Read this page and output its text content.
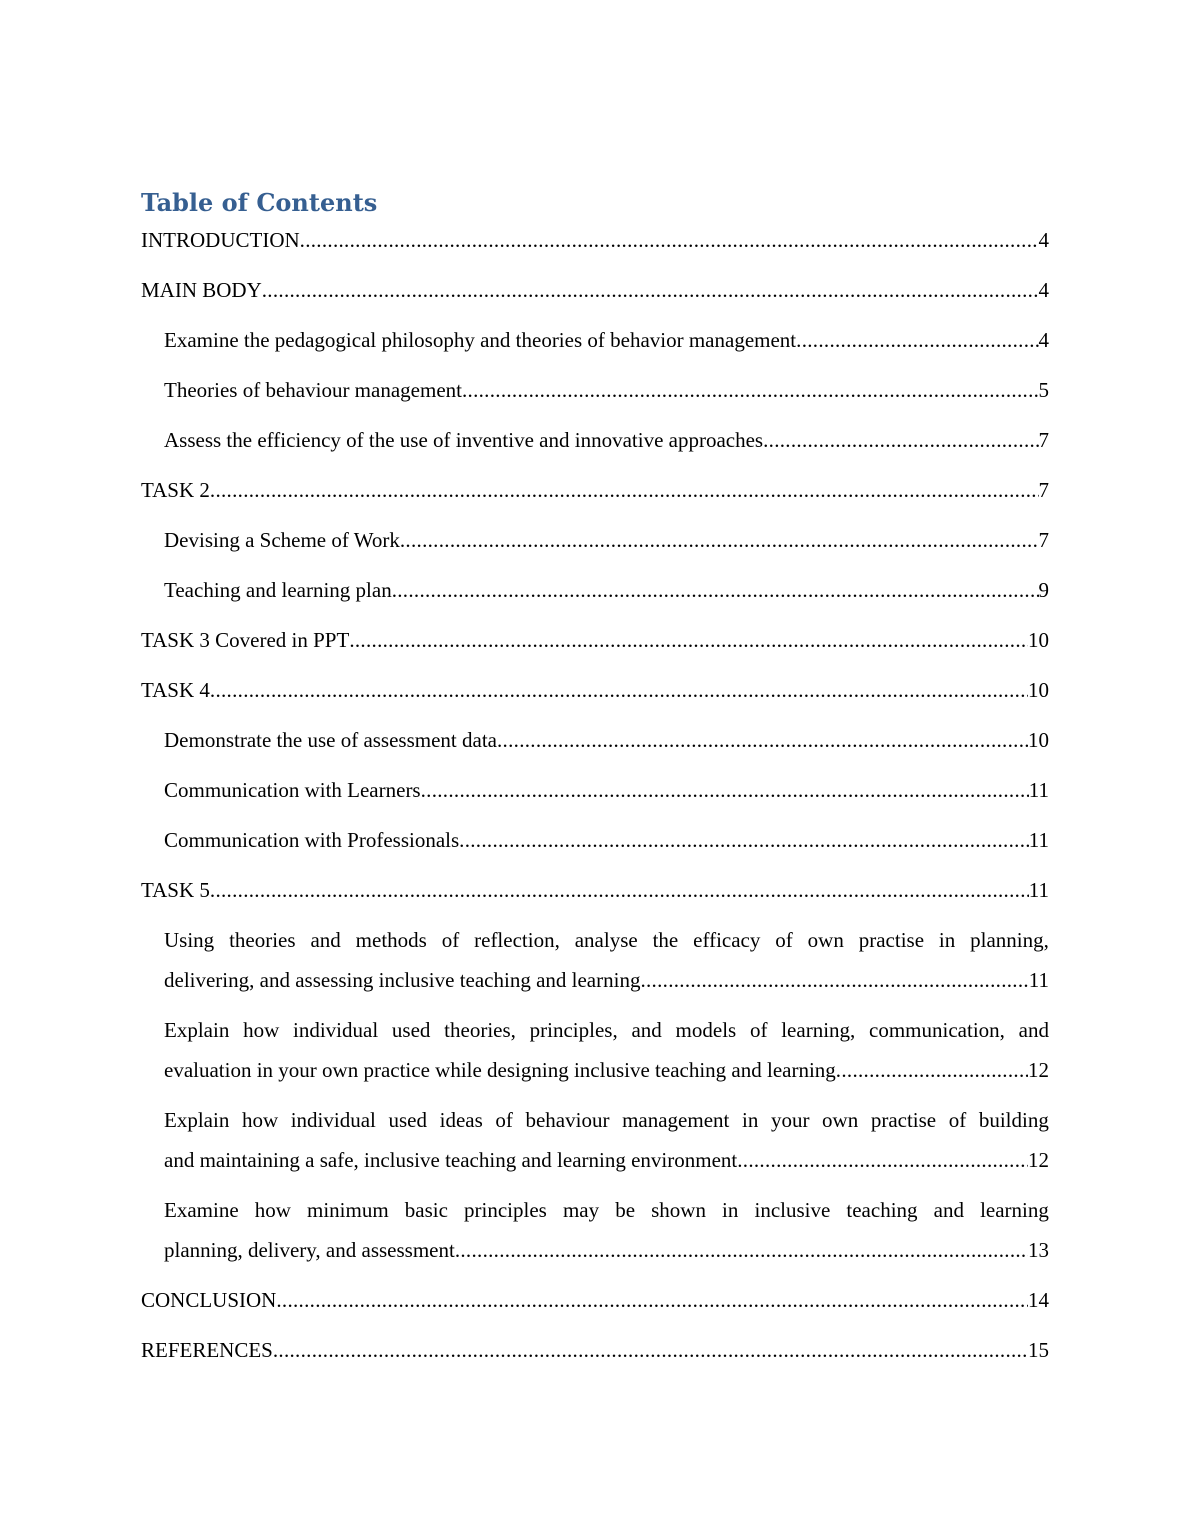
Table of Contents
INTRODUCTION .....	4
MAIN BODY .....	4
Examine the pedagogical philosophy and theories of behavior management .....	4
Theories of behaviour management .....	5
Assess the efficiency of the use of inventive and innovative approaches .....	7
TASK 2 .....	7
Devising a Scheme of Work .....	7
Teaching and learning plan .....	9
TASK 3 Covered in PPT .....	10
TASK 4 .....	10
Demonstrate the use of assessment data .....	10
Communication with Learners .....	11
Communication with Professionals .....	11
TASK 5 .....	11
Using theories and methods of reflection, analyse the efficacy of own practise in planning,
delivering, and assessing inclusive teaching and learning .....	11
Explain how individual used theories, principles, and models of learning, communication, and
evaluation in your own practice while designing inclusive teaching and learning .....	12
Explain how individual used ideas of behaviour management in your own practise of building
and maintaining a safe, inclusive teaching and learning environment .....	12
Examine how minimum basic principles may be shown in inclusive teaching and learning
planning, delivery, and assessment .....	13
CONCLUSION .....	14
REFERENCES .....	15
